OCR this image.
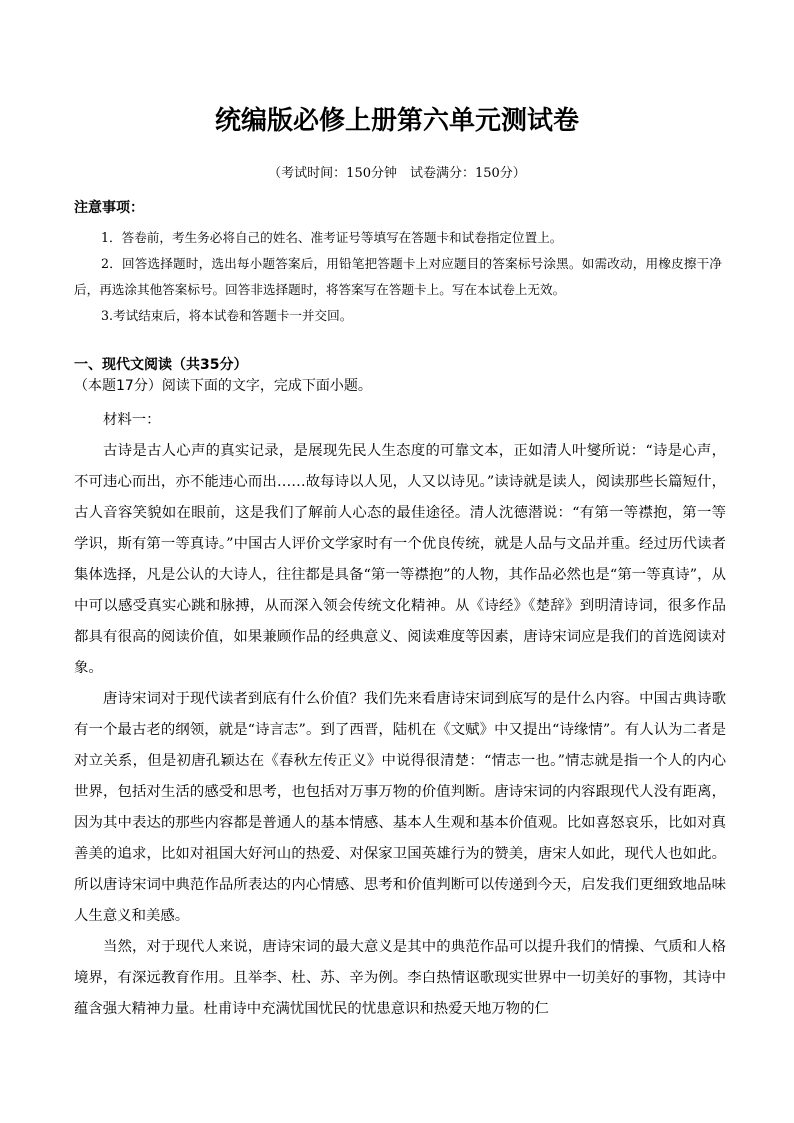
统编版必修上册第六单元测试卷
（考试时间：150分钟　试卷满分：150分）
注意事项：
1．答卷前，考生务必将自己的姓名、准考证号等填写在答题卡和试卷指定位置上。
2．回答选择题时，选出每小题答案后，用铅笔把答题卡上对应题目的答案标号涂黑。如需改动，用橡皮擦干净后，再选涂其他答案标号。回答非选择题时，将答案写在答题卡上。写在本试卷上无效。
3.考试结束后，将本试卷和答题卡一并交回。
一、现代文阅读（共35分）
（本题17分）阅读下面的文字，完成下面小题。
材料一：

古诗是古人心声的真实记录，是展现先民人生态度的可靠文本，正如清人叶燮所说：“诗是心声，不可违心而出，亦不能违心而出……故每诗以人见，人又以诗见。”读诗就是读人，阅读那些长篇短什，古人音容笑貌如在眼前，这是我们了解前人心态的最佳途径。清人沈德潜说：“有第一等襟抱，第一等学识，斯有第一等真诗。”中国古人评价文学家时有一个优良传统，就是人品与文品并重。经过历代读者集体选择，凡是公认的大诗人，往往都是具备“第一等襟抱”的人物，其作品必然也是“第一等真诗”，从中可以感受真实心跳和脉搏，从而深入领会传统文化精神。从《诗经》《楚辞》到明清诗词，很多作品都具有很高的阅读价值，如果兼顾作品的经典意义、阅读难度等因素，唐诗宋词应是我们的首选阅读对象。

唐诗宋词对于现代读者到底有什么价值？我们先来看唐诗宋词到底写的是什么内容。中国古典诗歌有一个最古老的纲领，就是“诗言志”。到了西晋，陆机在《文赋》中又提出“诗缘情”。有人认为二者是对立关系，但是初唐孔颖达在《春秋左传正义》中说得很清楚：“情志一也。”情志就是指一个人的内心世界，包括对生活的感受和思考，也包括对万事万物的价值判断。唐诗宋词的内容跟现代人没有距离，因为其中表达的那些内容都是普通人的基本情感、基本人生观和基本价值观。比如喜怒哀乐，比如对真善美的追求，比如对祖国大好河山的热爱、对保家卫国英雄行为的赞美，唐宋人如此，现代人也如此。所以唐诗宋词中典范作品所表达的内心情感、思考和价值判断可以传递到今天，启发我们更细致地品味人生意义和美感。

当然，对于现代人来说，唐诗宋词的最大意义是其中的典范作品可以提升我们的情操、气质和人格境界，有深远教育作用。且举李、杜、苏、辛为例。李白热情讴歌现实世界中一切美好的事物，其诗中蕴含强大精神力量。杜甫诗中充满忧国忧民的忧患意识和热爱天地万物的仁
